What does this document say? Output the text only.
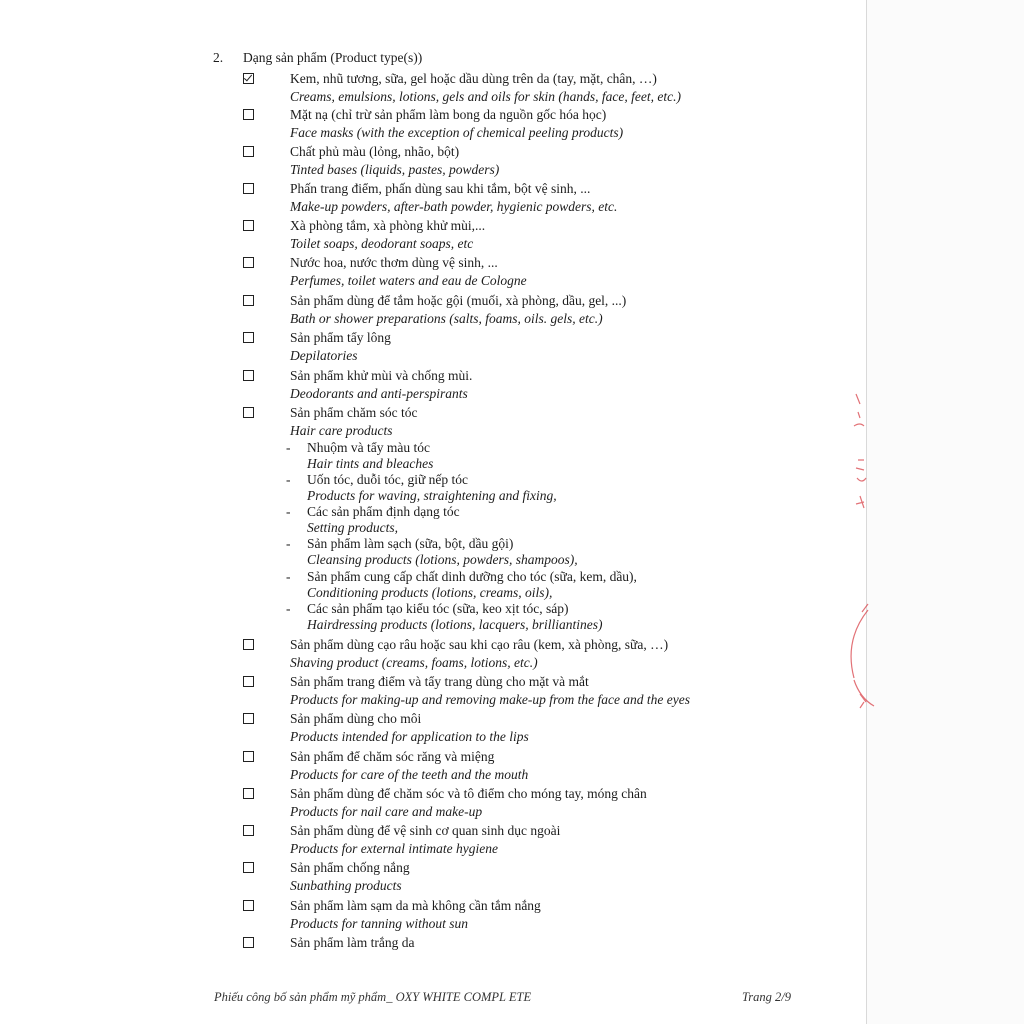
2. Dạng sản phẩm (Product type(s))
Kem, nhũ tương, sữa, gel hoặc dầu dùng trên da (tay, mặt, chân, …)
Creams, emulsions, lotions, gels and oils for skin (hands, face, feet, etc.)
Mặt nạ (chỉ trừ sản phẩm làm bong da nguồn gốc hóa học)
Face masks (with the exception of chemical peeling products)
Chất phủ màu (lỏng, nhão, bột)
Tinted bases (liquids, pastes, powders)
Phấn trang điểm, phấn dùng sau khi tắm, bột vệ sinh, ...
Make-up powders, after-bath powder, hygienic powders, etc.
Xà phòng tắm, xà phòng khử mùi,...
Toilet soaps, deodorant soaps, etc
Nước hoa, nước thơm dùng vệ sinh, ...
Perfumes, toilet waters and eau de Cologne
Sản phẩm dùng để tắm hoặc gội (muối, xà phòng, dầu, gel, ...)
Bath or shower preparations (salts, foams, oils. gels, etc.)
Sản phẩm tẩy lông
Depilatories
Sản phẩm khử mùi và chống mùi.
Deodorants and anti-perspirants
Sản phẩm chăm sóc tóc
Hair care products
- Nhuộm và tẩy màu tóc
Hair tints and bleaches
- Uốn tóc, duỗi tóc, giữ nếp tóc
Products for waving, straightening and fixing,
- Các sản phẩm định dạng tóc
Setting products,
- Sản phẩm làm sạch (sữa, bột, dầu gội)
Cleansing products (lotions, powders, shampoos),
- Sản phẩm cung cấp chất dinh dưỡng cho tóc (sữa, kem, dầu),
Conditioning products (lotions, creams, oils),
- Các sản phẩm tạo kiểu tóc (sữa, keo xịt tóc, sáp)
Hairdressing products (lotions, lacquers, brilliantines)
Sản phẩm dùng cạo râu hoặc sau khi cạo râu (kem, xà phòng, sữa, …)
Shaving product (creams, foams, lotions, etc.)
Sản phẩm trang điểm và tẩy trang dùng cho mặt và mắt
Products for making-up and removing make-up from the face and the eyes
Sản phẩm dùng cho môi
Products intended for application to the lips
Sản phẩm để chăm sóc răng và miệng
Products for care of the teeth and the mouth
Sản phẩm dùng để chăm sóc và tô điểm cho móng tay, móng chân
Products for nail care and make-up
Sản phẩm dùng để vệ sinh cơ quan sinh dục ngoài
Products for external intimate hygiene
Sản phẩm chống nắng
Sunbathing products
Sản phẩm làm sạm da mà không cần tắm nắng
Products for tanning without sun
Sản phẩm làm trắng da
Phiếu công bố sản phẩm mỹ phẩm_ OXY WHITE COMPL ETE	Trang 2/9
